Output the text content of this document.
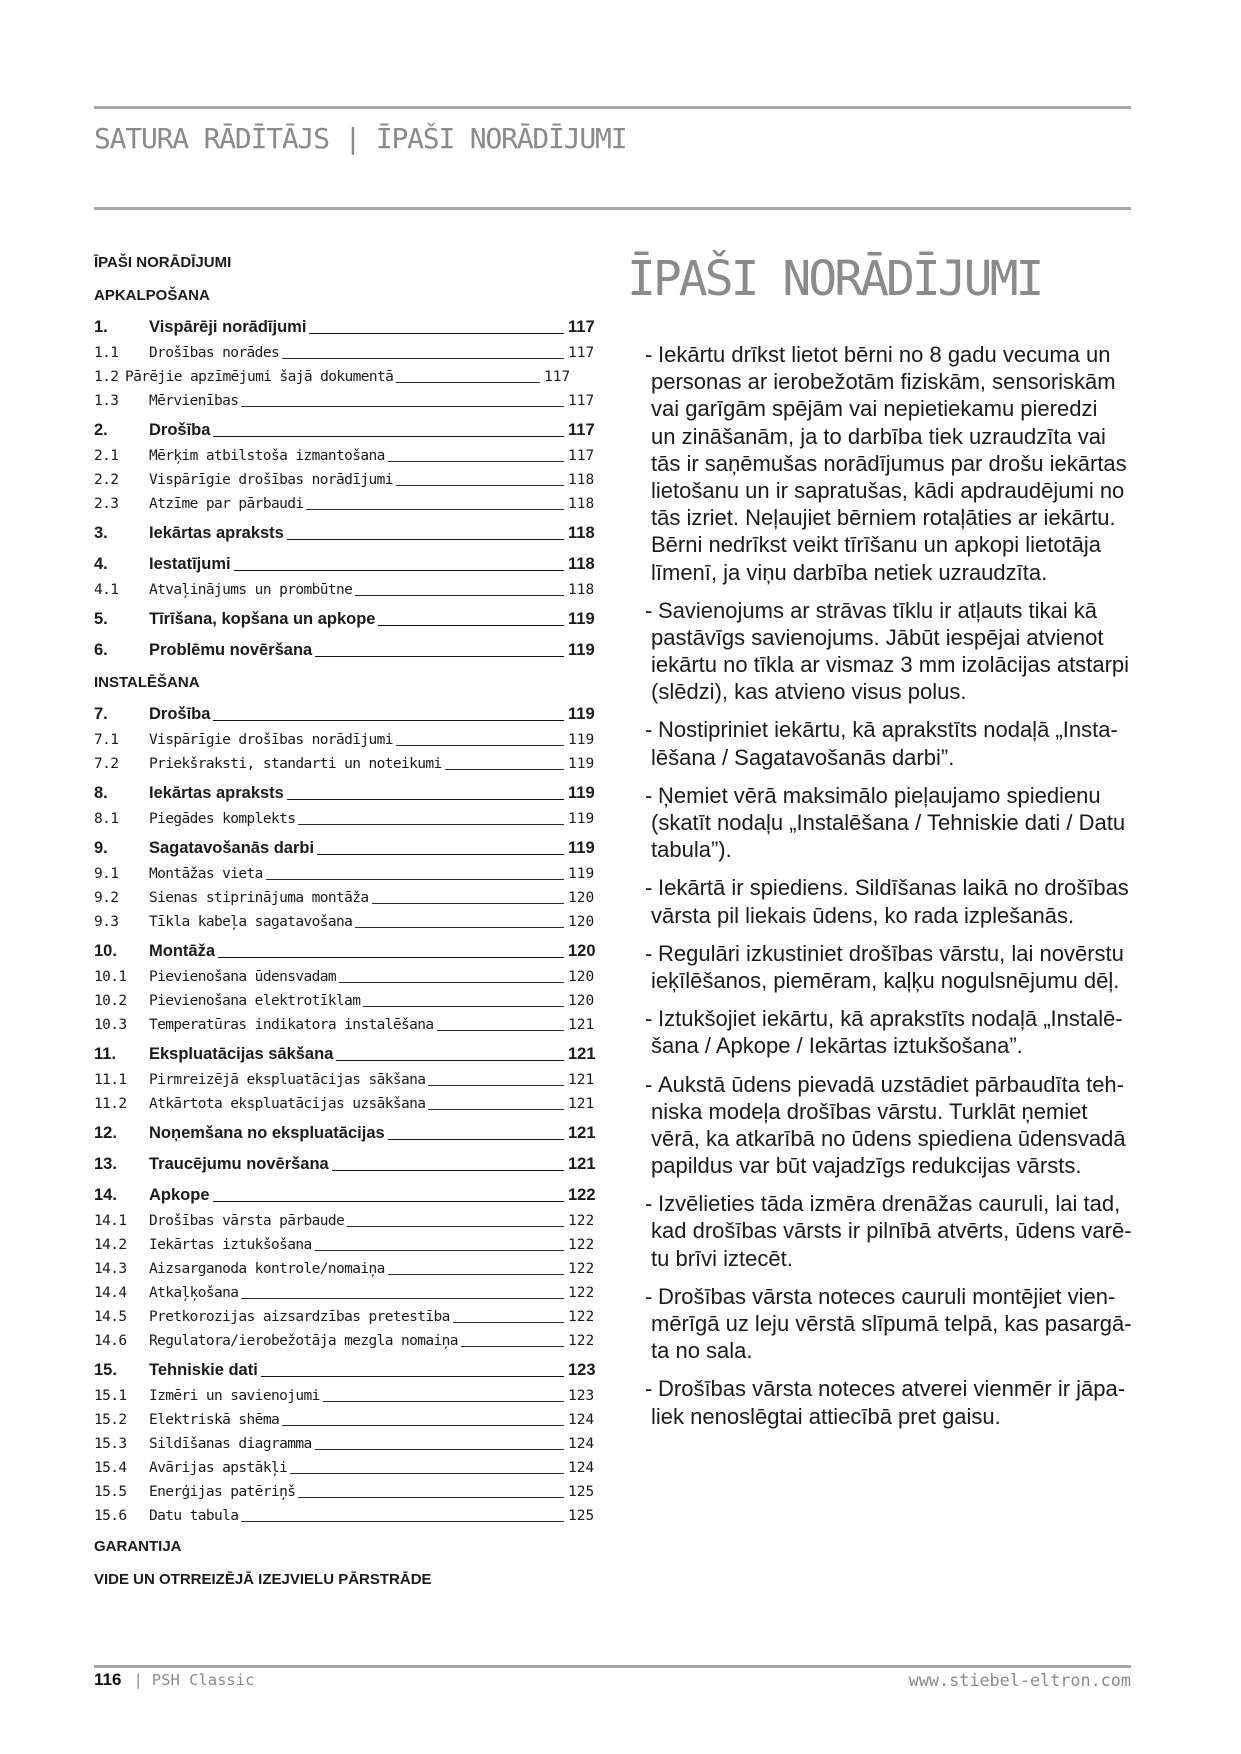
SATURA RĀDĪTĀJS | ĪPAŠI NORĀDĪJUMI
ĪPAŠI NORĀDĪJUMI
APKALPOŠANA
1.	Vispārēji norādījumi	117
1.1	Drošības norādes	117
1.2 Pārējie apzīmējumi šajā dokumentā	117
1.3	Mērvienības	117
2.	Drošība	117
2.1	Mērķim atbilstoša izmantošana	117
2.2	Vispārīgie drošības norādījumi	118
2.3	Atzīme par pārbaudi	118
3.	Iekārtas apraksts	118
4.	Iestatījumi	118
4.1	Atvaļinājums un prombūtne	118
5.	Tīrīšana, kopšana un apkope	119
6.	Problēmu novēršana	119
INSTALĒŠANA
7.	Drošība	119
7.1	Vispārīgie drošības norādījumi	119
7.2	Priekšraksti, standarti un noteikumi	119
8.	Iekārtas apraksts	119
8.1	Piegādes komplekts	119
9.	Sagatavošanās darbi	119
9.1	Montāžas vieta	119
9.2	Sienas stiprinājuma montāža	120
9.3	Tīkla kabeļa sagatavošana	120
10.	Montāža	120
10.1	Pievienošana ūdensvadam	120
10.2	Pievienošana elektrotīklam	120
10.3	Temperatūras indikatora instalēšana	121
11.	Ekspluatācijas sākšana	121
11.1	Pirmreizējā ekspluatācijas sākšana	121
11.2	Atkārtota ekspluatācijas uzsākšana	121
12.	Noņemšana no ekspluatācijas	121
13.	Traucējumu novēršana	121
14.	Apkope	122
14.1	Drošības vārsta pārbaude	122
14.2	Iekārtas iztukšošana	122
14.3	Aizsarganoda kontrole/nomaiņa	122
14.4	Atkaļķošana	122
14.5	Pretkorozijas aizsardzības pretestība	122
14.6	Regulatora/ierobežotāja mezgla nomaiņa	122
15.	Tehniskie dati	123
15.1	Izmēri un savienojumi	123
15.2	Elektriskā shēma	124
15.3	Sildīšanas diagramma	124
15.4	Avārijas apstākļi	124
15.5	Enerģijas patēriņš	125
15.6	Datu tabula	125
GARANTIJA
VIDE UN OTRREIZĒJĀ IZEJVIELU PĀRSTRĀDE
ĪPAŠI NORĀDĪJUMI
- Iekārtu drīkst lietot bērni no 8 gadu vecuma un
personas ar ierobežotām fiziskām, sensoriskām
vai garīgām spējām vai nepietiekamu pieredzi
un zināšanām, ja to darbība tiek uzraudzīta vai
tās ir saņēmušas norādījumus par drošu iekārtas
lietošanu un ir sapratušas, kādi apdraudējumi no
tās izriet. Neļaujiet bērniem rotaļāties ar iekārtu.
Bērni nedrīkst veikt tīrīšanu un apkopi lietotāja
līmenī, ja viņu darbība netiek uzraudzīta.
- Savienojums ar strāvas tīklu ir atļauts tikai kā
pastāvīgs savienojums. Jābūt iespējai atvienot
iekārtu no tīkla ar vismaz 3 mm izolācijas atstarpi
(slēdzi), kas atvieno visus polus.
- Nostipriniet iekārtu, kā aprakstīts nodaļā „Insta-
lēšana / Sagatavošanās darbi”.
- Ņemiet vērā maksimālo pieļaujamo spiedienu
(skatīt nodaļu „Instalēšana / Tehniskie dati / Datu
tabula”).
- Iekārtā ir spiediens. Sildīšanas laikā no drošības
vārsta pil liekais ūdens, ko rada izplešanās.
- Regulāri izkustiniet drošības vārstu, lai novērstu
ieķīlēšanos, piemēram, kaļķu nogulsnējumu dēļ.
- Iztukšojiet iekārtu, kā aprakstīts nodaļā „Instalē-
šana / Apkope / Iekārtas iztukšošana”.
- Aukstā ūdens pievadā uzstādiet pārbaudīta teh-
niska modeļa drošības vārstu. Turklāt ņemiet
vērā, ka atkarībā no ūdens spiediena ūdensvadā
papildus var būt vajadzīgs redukcijas vārsts.
- Izvēlieties tāda izmēra drenāžas cauruli, lai tad,
kad drošības vārsts ir pilnībā atvērts, ūdens varē-
tu brīvi iztecēt.
- Drošības vārsta noteces cauruli montējiet vien-
mērīgā uz leju vērstā slīpumā telpā, kas pasargā-
ta no sala.
- Drošības vārsta noteces atverei vienmēr ir jāpa-
liek nenoslēgtai attiecībā pret gaisu.
116 | PSH Classic	www.stiebel-eltron.com
